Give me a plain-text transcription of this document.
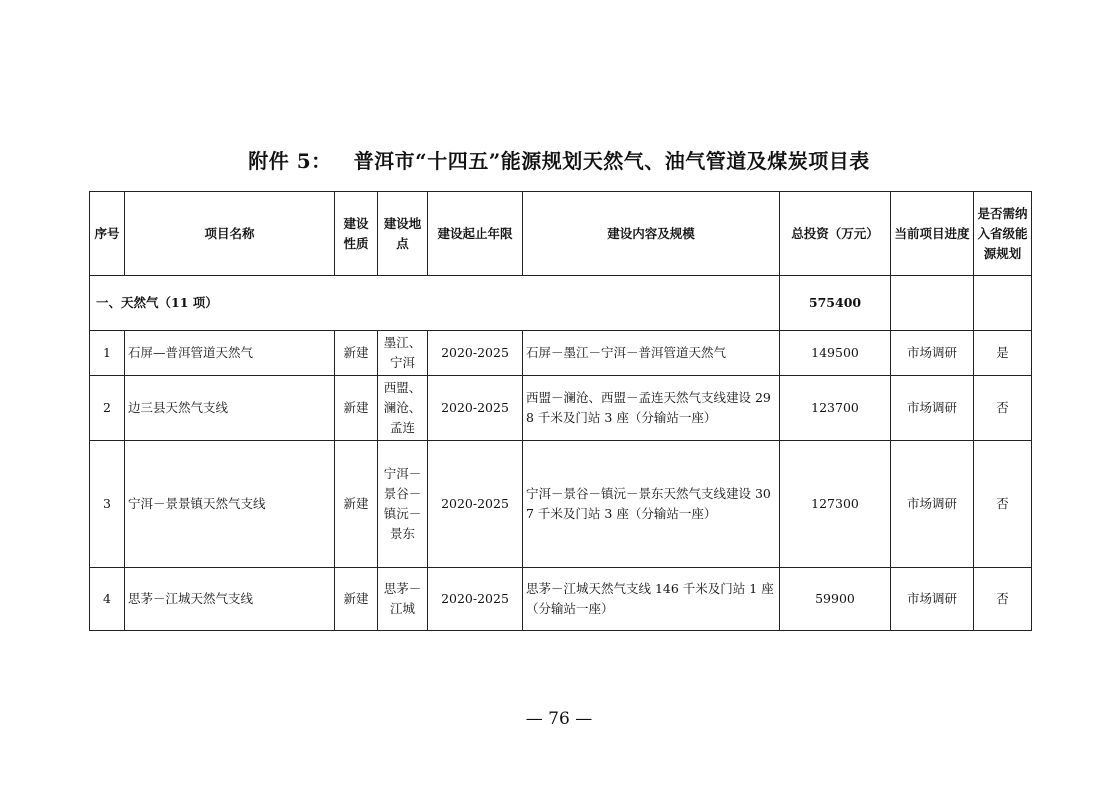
附件 5： 普洱市“十四五”能源规划天然气、油气管道及煤炭项目表
序号	项目名称	建设性质	建设地点	建设起止年限	建设内容及规模	总投资（万元）	当前项目进度	是否需纳入省级能源规划
一、天然气（11 项）						575400		
1	石屏—普洱管道天然气	新建	墨江、宁洱	2020-2025	石屏－墨江－宁洱－普洱管道天然气	149500	市场调研	是
2	边三县天然气支线	新建	西盟、澜沧、孟连	2020-2025	西盟－澜沧、西盟－孟连天然气支线建设 298 千米及门站 3 座（分输站一座）	123700	市场调研	否
3	宁洱－景景镇天然气支线	新建	宁洱－景谷－镇沅－景东	2020-2025	宁洱－景谷－镇沅－景东天然气支线建设 307 千米及门站 3 座（分输站一座）	127300	市场调研	否
4	思茅－江城天然气支线	新建	思茅－江城	2020-2025	思茅－江城天然气支线 146 千米及门站 1 座（分输站一座）	59900	市场调研	否
— 76 —
